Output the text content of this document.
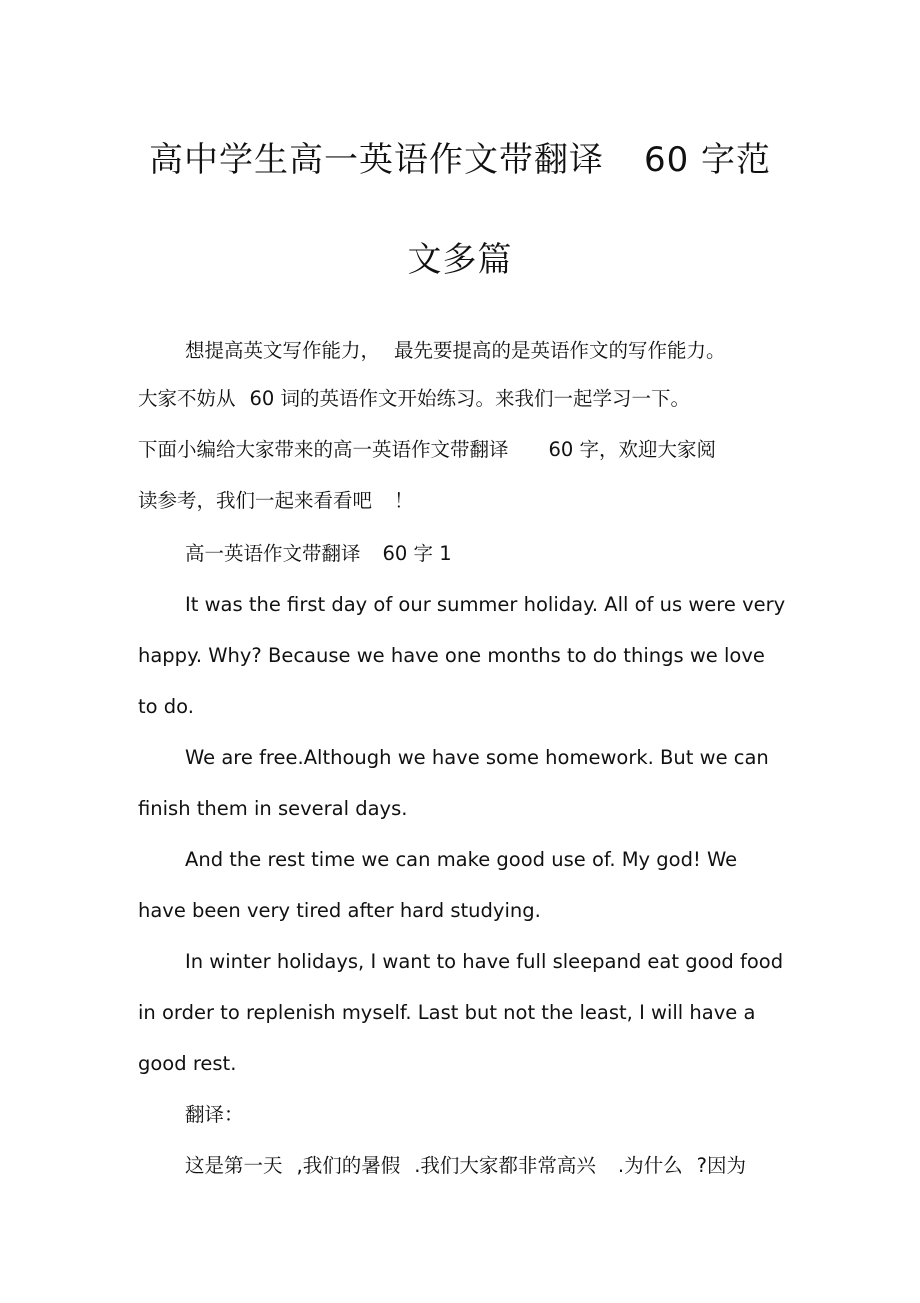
高中学生高一英语作文带翻译 60 字范
文多篇

想提高英文写作能力， 最先要提高的是英语作文的写作能力。

大家不妨从 60 词的英语作文开始练习。来我们一起学习一下。

下面小编给大家带来的高一英语作文带翻译 60 字，欢迎大家阅

读参考，我们一起来看看吧 ！

高一英语作文带翻译 60 字 1

It was the first day of our summer holiday. All of us were very

happy. Why? Because we have one months to do things we love

to do.

We are free.Although we have some homework. But we can

finish them in several days.

And the rest time we can make good use of. My god! We

have been very tired after hard studying.

In winter holidays, I want to have full sleepand eat good food

in order to replenish myself. Last but not the least, I will have a

good rest.

翻译：

这是第一天 ,我们的暑假 .我们大家都非常高兴 .为什么 ?因为
